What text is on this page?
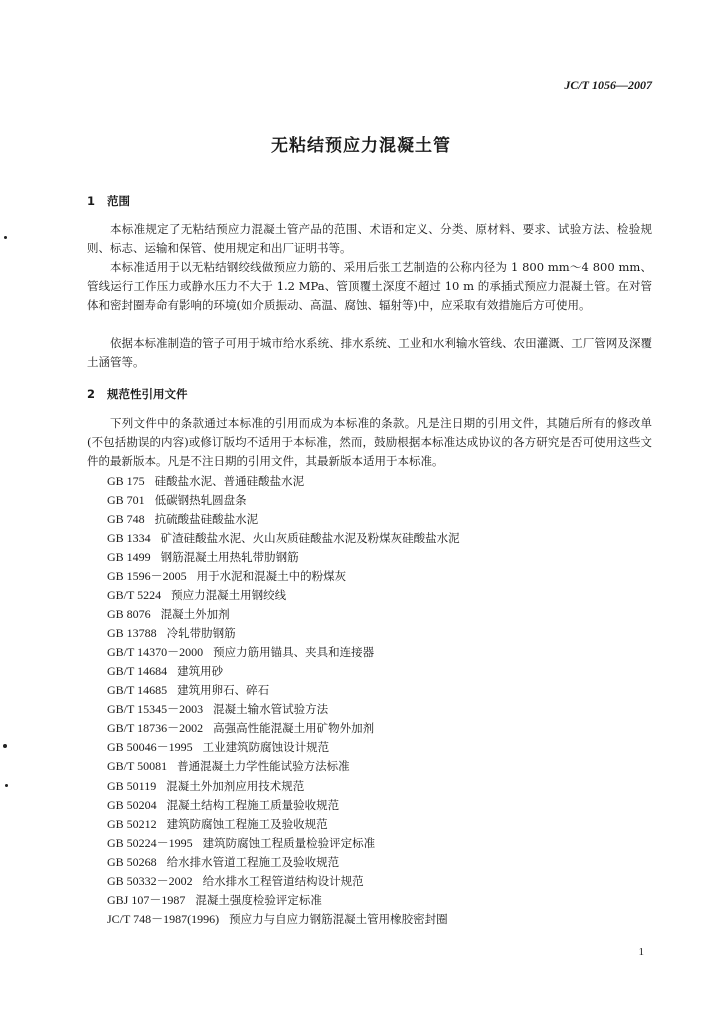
JC/T 1056—2007
无粘结预应力混凝土管
1 范围

本标准规定了无粘结预应力混凝土管产品的范围、术语和定义、分类、原材料、要求、试验方法、检验规则、标志、运输和保管、使用规定和出厂证明书等。

本标准适用于以无粘结钢绞线做预应力筋的、采用后张工艺制造的公称内径为 1 800 mm～4 800 mm、管线运行工作压力或静水压力不大于 1.2 MPa、管顶覆土深度不超过 10 m 的承插式预应力混凝土管。在对管体和密封圈寿命有影响的环境(如介质振动、高温、腐蚀、辐射等)中，应采取有效措施后方可使用。

依据本标准制造的管子可用于城市给水系统、排水系统、工业和水利输水管线、农田灌溉、工厂管网及深覆土涵管等。

2 规范性引用文件

下列文件中的条款通过本标准的引用而成为本标准的条款。凡是注日期的引用文件，其随后所有的修改单(不包括勘误的内容)或修订版均不适用于本标准，然而，鼓励根据本标准达成协议的各方研究是否可使用这些文件的最新版本。凡是不注日期的引用文件，其最新版本适用于本标准。

GB 175 硅酸盐水泥、普通硅酸盐水泥
GB 701 低碳钢热轧圆盘条
GB 748 抗硫酸盐硅酸盐水泥
GB 1334 矿渣硅酸盐水泥、火山灰质硅酸盐水泥及粉煤灰硅酸盐水泥
GB 1499 钢筋混凝土用热轧带肋钢筋
GB 1596－2005 用于水泥和混凝土中的粉煤灰
GB/T 5224 预应力混凝土用钢绞线
GB 8076 混凝土外加剂
GB 13788 冷轧带肋钢筋
GB/T 14370－2000 预应力筋用锚具、夹具和连接器
GB/T 14684 建筑用砂
GB/T 14685 建筑用卵石、碎石
GB/T 15345－2003 混凝土输水管试验方法
GB/T 18736－2002 高强高性能混凝土用矿物外加剂
GB 50046－1995 工业建筑防腐蚀设计规范
GB/T 50081 普通混凝土力学性能试验方法标准
GB 50119 混凝土外加剂应用技术规范
GB 50204 混凝土结构工程施工质量验收规范
GB 50212 建筑防腐蚀工程施工及验收规范
GB 50224－1995 建筑防腐蚀工程质量检验评定标准
GB 50268 给水排水管道工程施工及验收规范
GB 50332－2002 给水排水工程管道结构设计规范
GBJ 107－1987 混凝土强度检验评定标准
JC/T 748－1987(1996) 预应力与自应力钢筋混凝土管用橡胶密封圈
1
